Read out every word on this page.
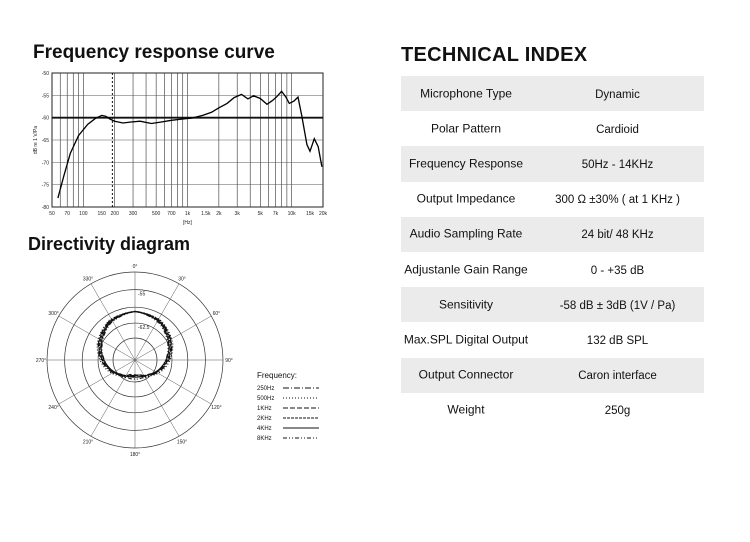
Frequency response curve
-50
-55
-60
-65
-70
-75
-80
dB re 1 V/Pa
50 70 100 150 200 300	500 700 1k 1.5k 2k	3k	5k 7k 10k 15k 20k
[Hz]
Directivity diagram
0°
30°
60°
90°
120°
150°
180°
210°
240°
270°
300°
330°
-55
-62.5
Frequency:
250Hz
500Hz
1KHz
2KHz
4KHz
8KHz
TECHNICAL INDEX
Microphone Type	Dynamic
Polar Pattern	Cardioid
Frequency Response	50Hz - 14KHz
Output Impedance	300 Ω ±30% ( at 1 KHz )
Audio Sampling Rate	24 bit/ 48 KHz
Adjustanle Gain Range	0 - +35 dB
Sensitivity	-58 dB ± 3dB (1V / Pa)
Max.SPL Digital Output	132 dB SPL
Output Connector	Caron interface
Weight	250g
